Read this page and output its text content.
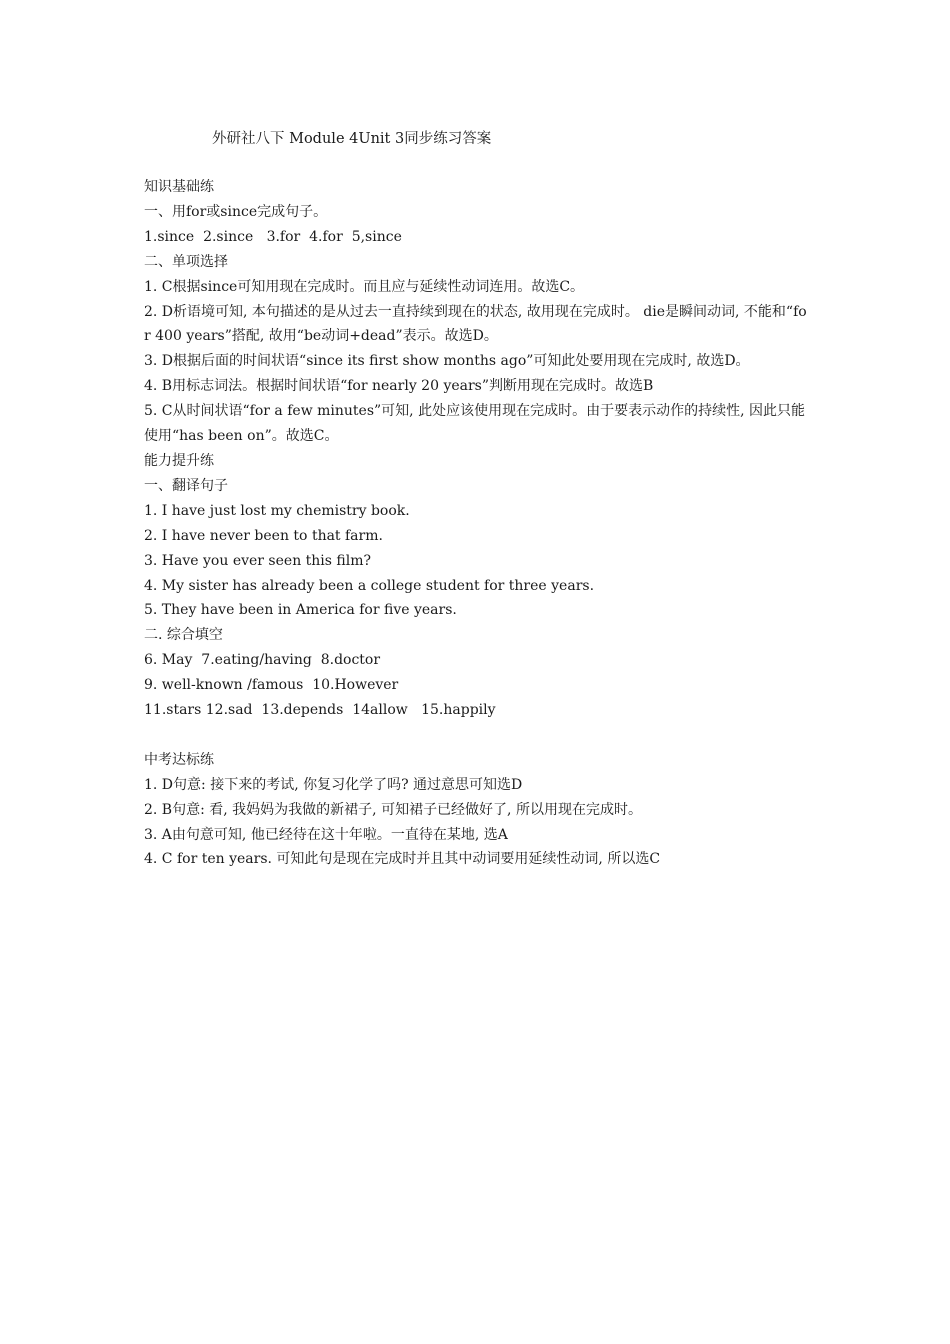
外研社八下 Module 4Unit 3同步练习答案
知识基础练
一、用for或since完成句子。
1.since  2.since   3.for  4.for  5,since
二、单项选择
1. C根据since可知用现在完成时。而且应与延续性动词连用。故选C。
2. D析语境可知, 本句描述的是从过去一直持续到现在的状态, 故用现在完成时。 die是瞬间动词, 不能和“for 400 years”搭配, 故用“be动词+dead”表示。故选D。
3. D根据后面的时间状语“since its first show months ago”可知此处要用现在完成时, 故选D。
4. B用标志词法。根据时间状语“for nearly 20 years”判断用现在完成时。故选B
5. C从时间状语“for a few minutes”可知, 此处应该使用现在完成时。由于要表示动作的持续性, 因此只能使用“has been on”。故选C。
能力提升练
一、翻译句子
1. I have just lost my chemistry book.
2. I have never been to that farm.
3. Have you ever seen this film?
4. My sister has already been a college student for three years.
5. They have been in America for five years.
二. 综合填空
6. May  7.eating/having  8.doctor
9. well-known /famous  10.However
11.stars 12.sad  13.depends  14allow   15.happily
中考达标练
1. D句意: 接下来的考试, 你复习化学了吗? 通过意思可知选D
2. B句意: 看, 我妈妈为我做的新裙子, 可知裙子已经做好了, 所以用现在完成时。
3. A由句意可知, 他已经待在这十年啦。一直待在某地, 选A
4. C for ten years. 可知此句是现在完成时并且其中动词要用延续性动词, 所以选C
